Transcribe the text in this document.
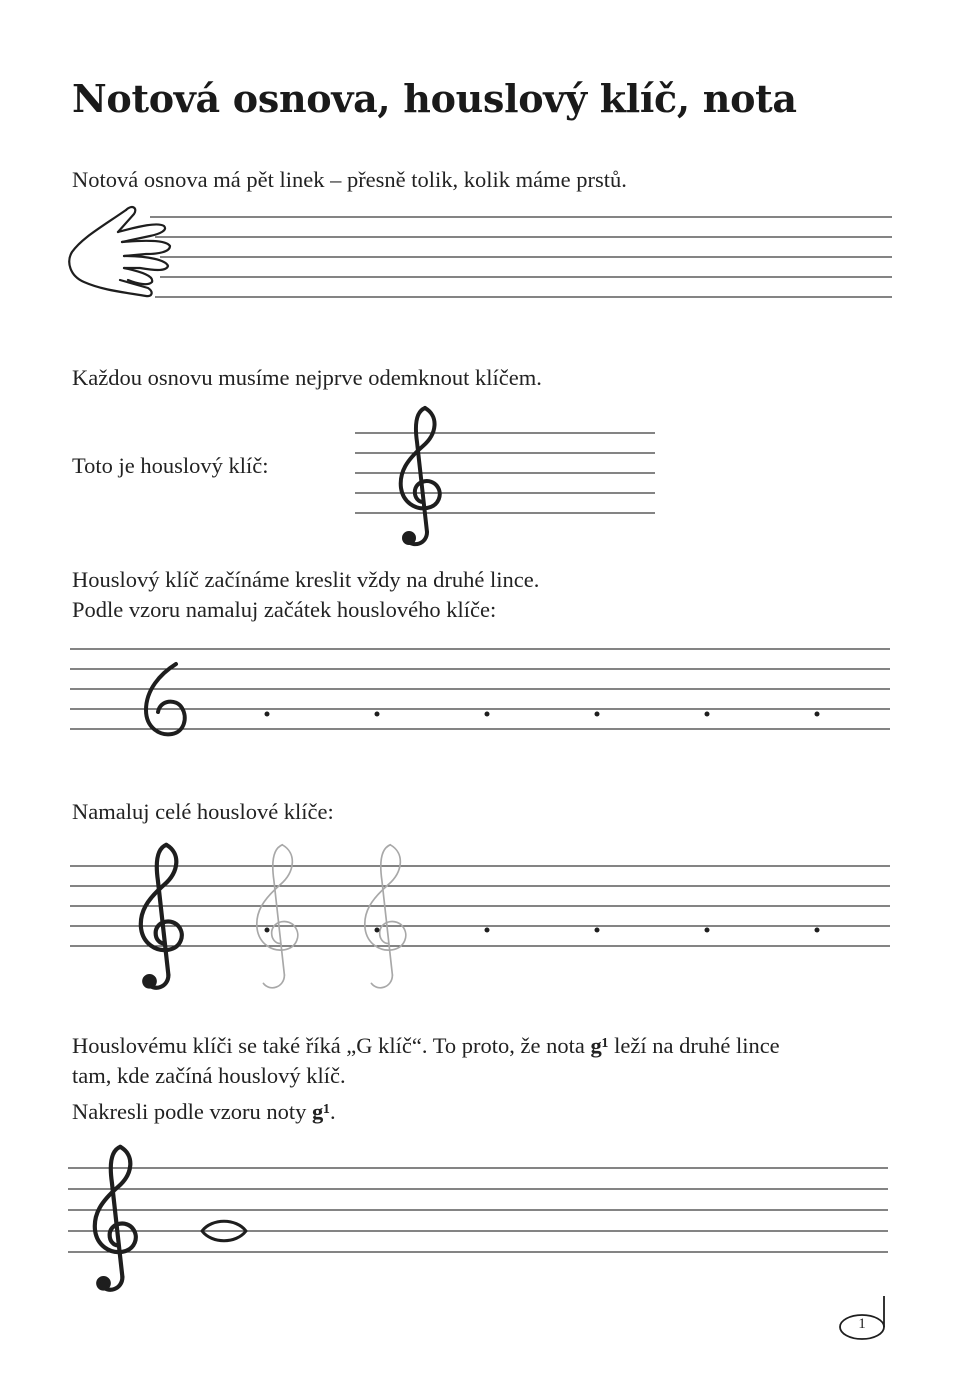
Notová osnova, houslový klíč, nota

Notová osnova má pět linek – přesně tolik, kolik máme prstů.

Každou osnovu musíme nejprve odemknout klíčem.

Toto je houslový klíč:

Houslový klíč začínáme kreslit vždy na druhé lince.

Podle vzoru namaluj začátek houslového klíče:

Namaluj celé houslové klíče:

Houslovému klíči se také říká „G klíč“. To proto, že nota g¹ leží na druhé lince

tam, kde začíná houslový klíč.

Nakresli podle vzoru noty g¹.

1
